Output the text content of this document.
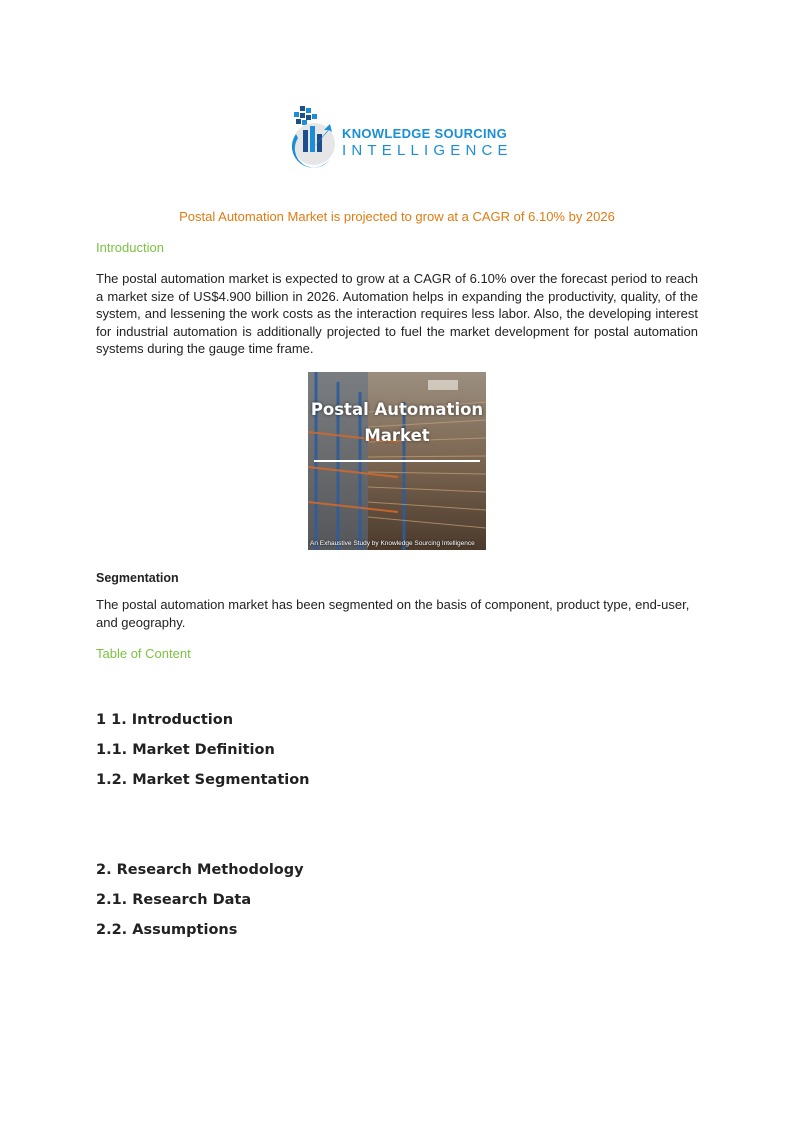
KNOWLEDGE SOURCING
INTELLIGENCE
Postal Automation Market is projected to grow at a CAGR of 6.10% by 2026
Introduction
The postal automation market is expected to grow at a CAGR of 6.10% over the forecast period to reach a market size of US$4.900 billion in 2026. Automation helps in expanding the productivity, quality, of the system, and lessening the work costs as the interaction requires less labor. Also, the developing interest for industrial automation is additionally projected to fuel the market development for postal automation systems during the gauge time frame.
Postal Automation Market
An Exhaustive Study by Knowledge Sourcing Intelligence
Segmentation
The postal automation market has been segmented on the basis of component, product type, end-user, and geography.
Table of Content
1 1. Introduction
1.1. Market Definition
1.2. Market Segmentation
2. Research Methodology
2.1. Research Data
2.2. Assumptions
